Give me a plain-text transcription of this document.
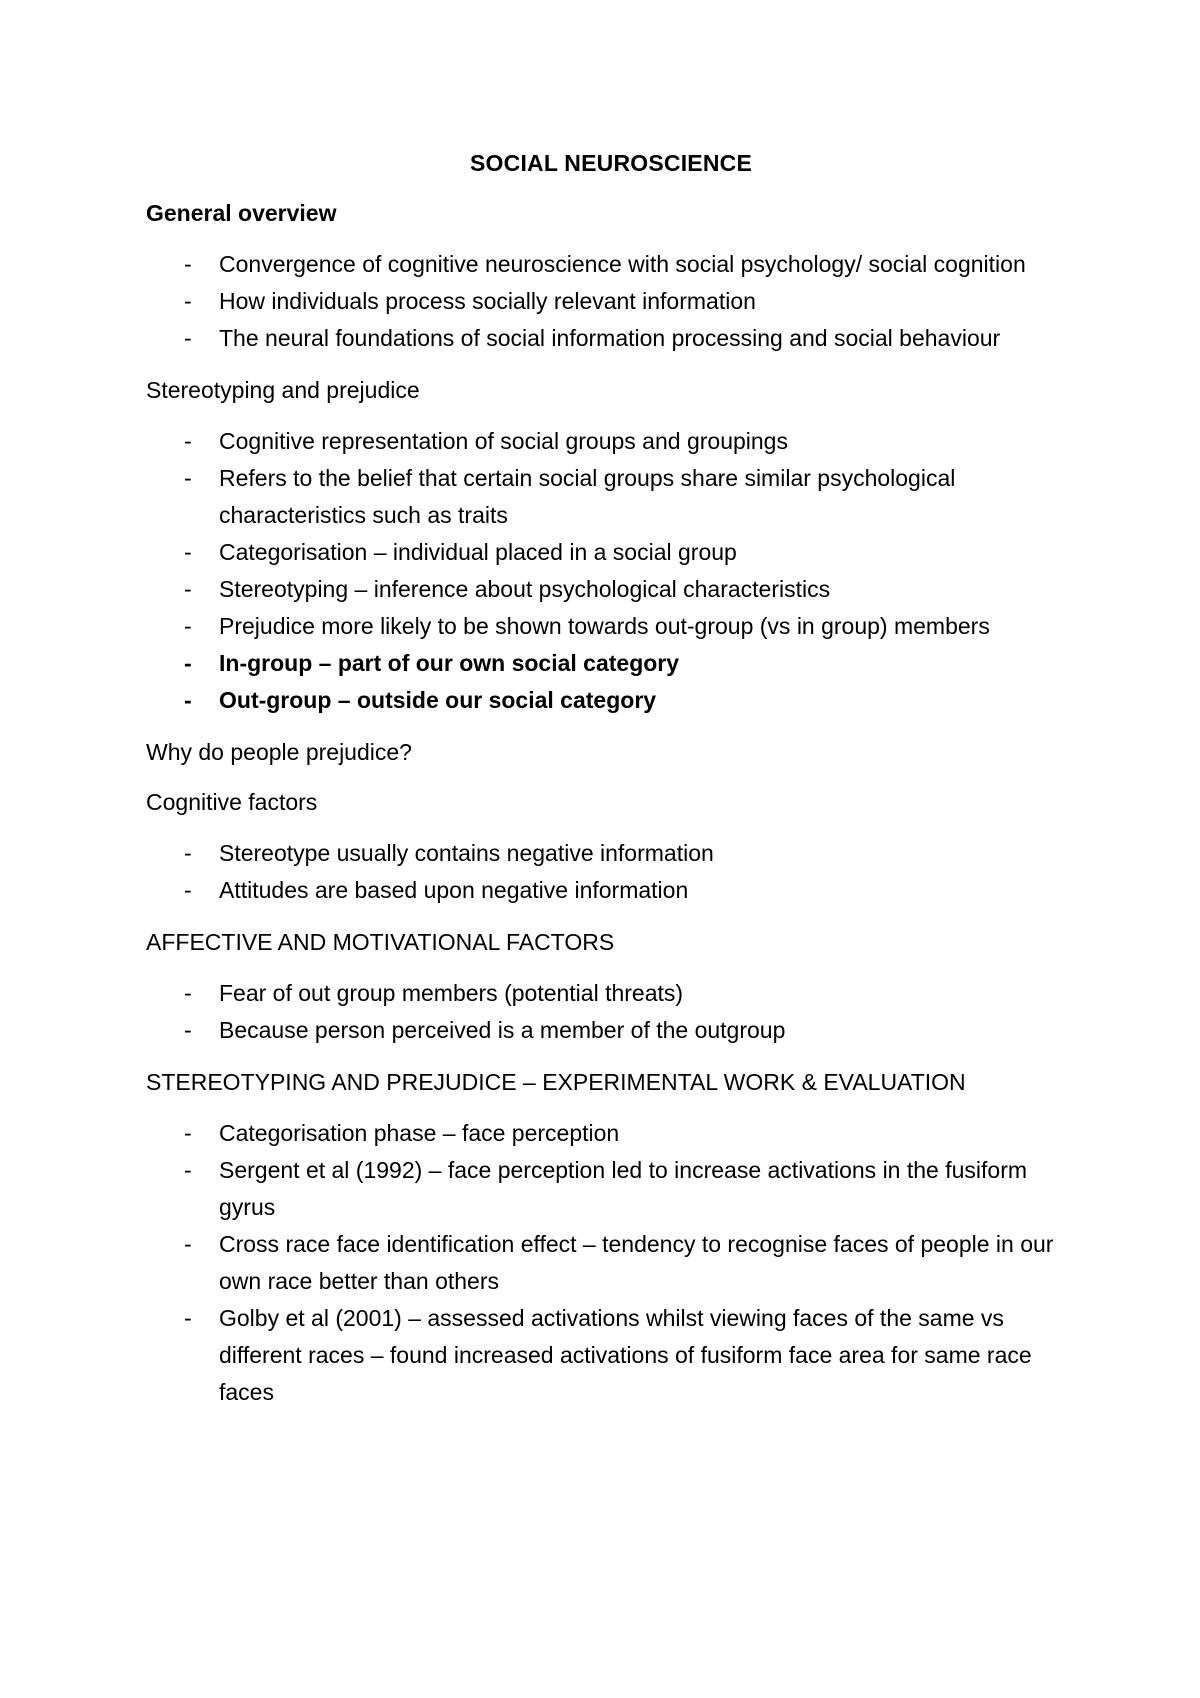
SOCIAL NEUROSCIENCE
General overview
- Convergence of cognitive neuroscience with social psychology/ social cognition
- How individuals process socially relevant information
- The neural foundations of social information processing and social behaviour
Stereotyping and prejudice
- Cognitive representation of social groups and groupings
- Refers to the belief that certain social groups share similar psychological characteristics such as traits
- Categorisation – individual placed in a social group
- Stereotyping – inference about psychological characteristics
- Prejudice more likely to be shown towards out-group (vs in group) members
- In-group – part of our own social category
- Out-group – outside our social category
Why do people prejudice?
Cognitive factors
- Stereotype usually contains negative information
- Attitudes are based upon negative information
AFFECTIVE AND MOTIVATIONAL FACTORS
- Fear of out group members (potential threats)
- Because person perceived is a member of the outgroup
STEREOTYPING AND PREJUDICE – EXPERIMENTAL WORK & EVALUATION
- Categorisation phase – face perception
- Sergent et al (1992) – face perception led to increase activations in the fusiform gyrus
- Cross race face identification effect – tendency to recognise faces of people in our own race better than others
- Golby et al (2001) – assessed activations whilst viewing faces of the same vs different races – found increased activations of fusiform face area for same race faces
